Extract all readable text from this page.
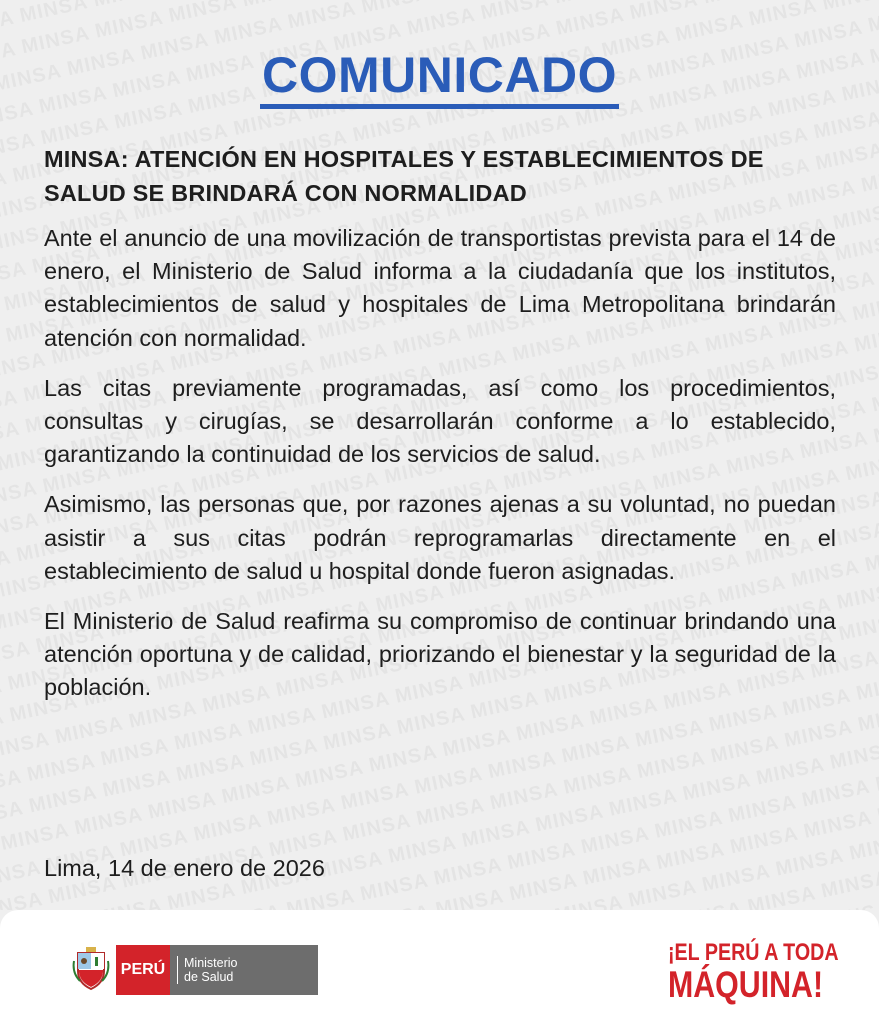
COMUNICADO
MINSA: ATENCIÓN EN HOSPITALES Y ESTABLECIMIENTOS DE SALUD SE BRINDARÁ CON NORMALIDAD

Ante el anuncio de una movilización de transportistas prevista para el 14 de enero, el Ministerio de Salud informa a la ciudadanía que los institutos, establecimientos de salud y hospitales de Lima Metropolitana brindarán atención con normalidad.

Las citas previamente programadas, así como los procedimientos, consultas y cirugías, se desarrollarán conforme a lo establecido, garantizando la continuidad de los servicios de salud.

Asimismo, las personas que, por razones ajenas a su voluntad, no puedan asistir a sus citas podrán reprogramarlas directamente en el establecimiento de salud u hospital donde fueron asignadas.

El Ministerio de Salud reafirma su compromiso de continuar brindando una atención oportuna y de calidad, priorizando el bienestar y la seguridad de la población.

Lima, 14 de enero de 2026
PERÚ	Ministerio
de Salud
¡EL PERÚ A TODA
MÁQUINA!
